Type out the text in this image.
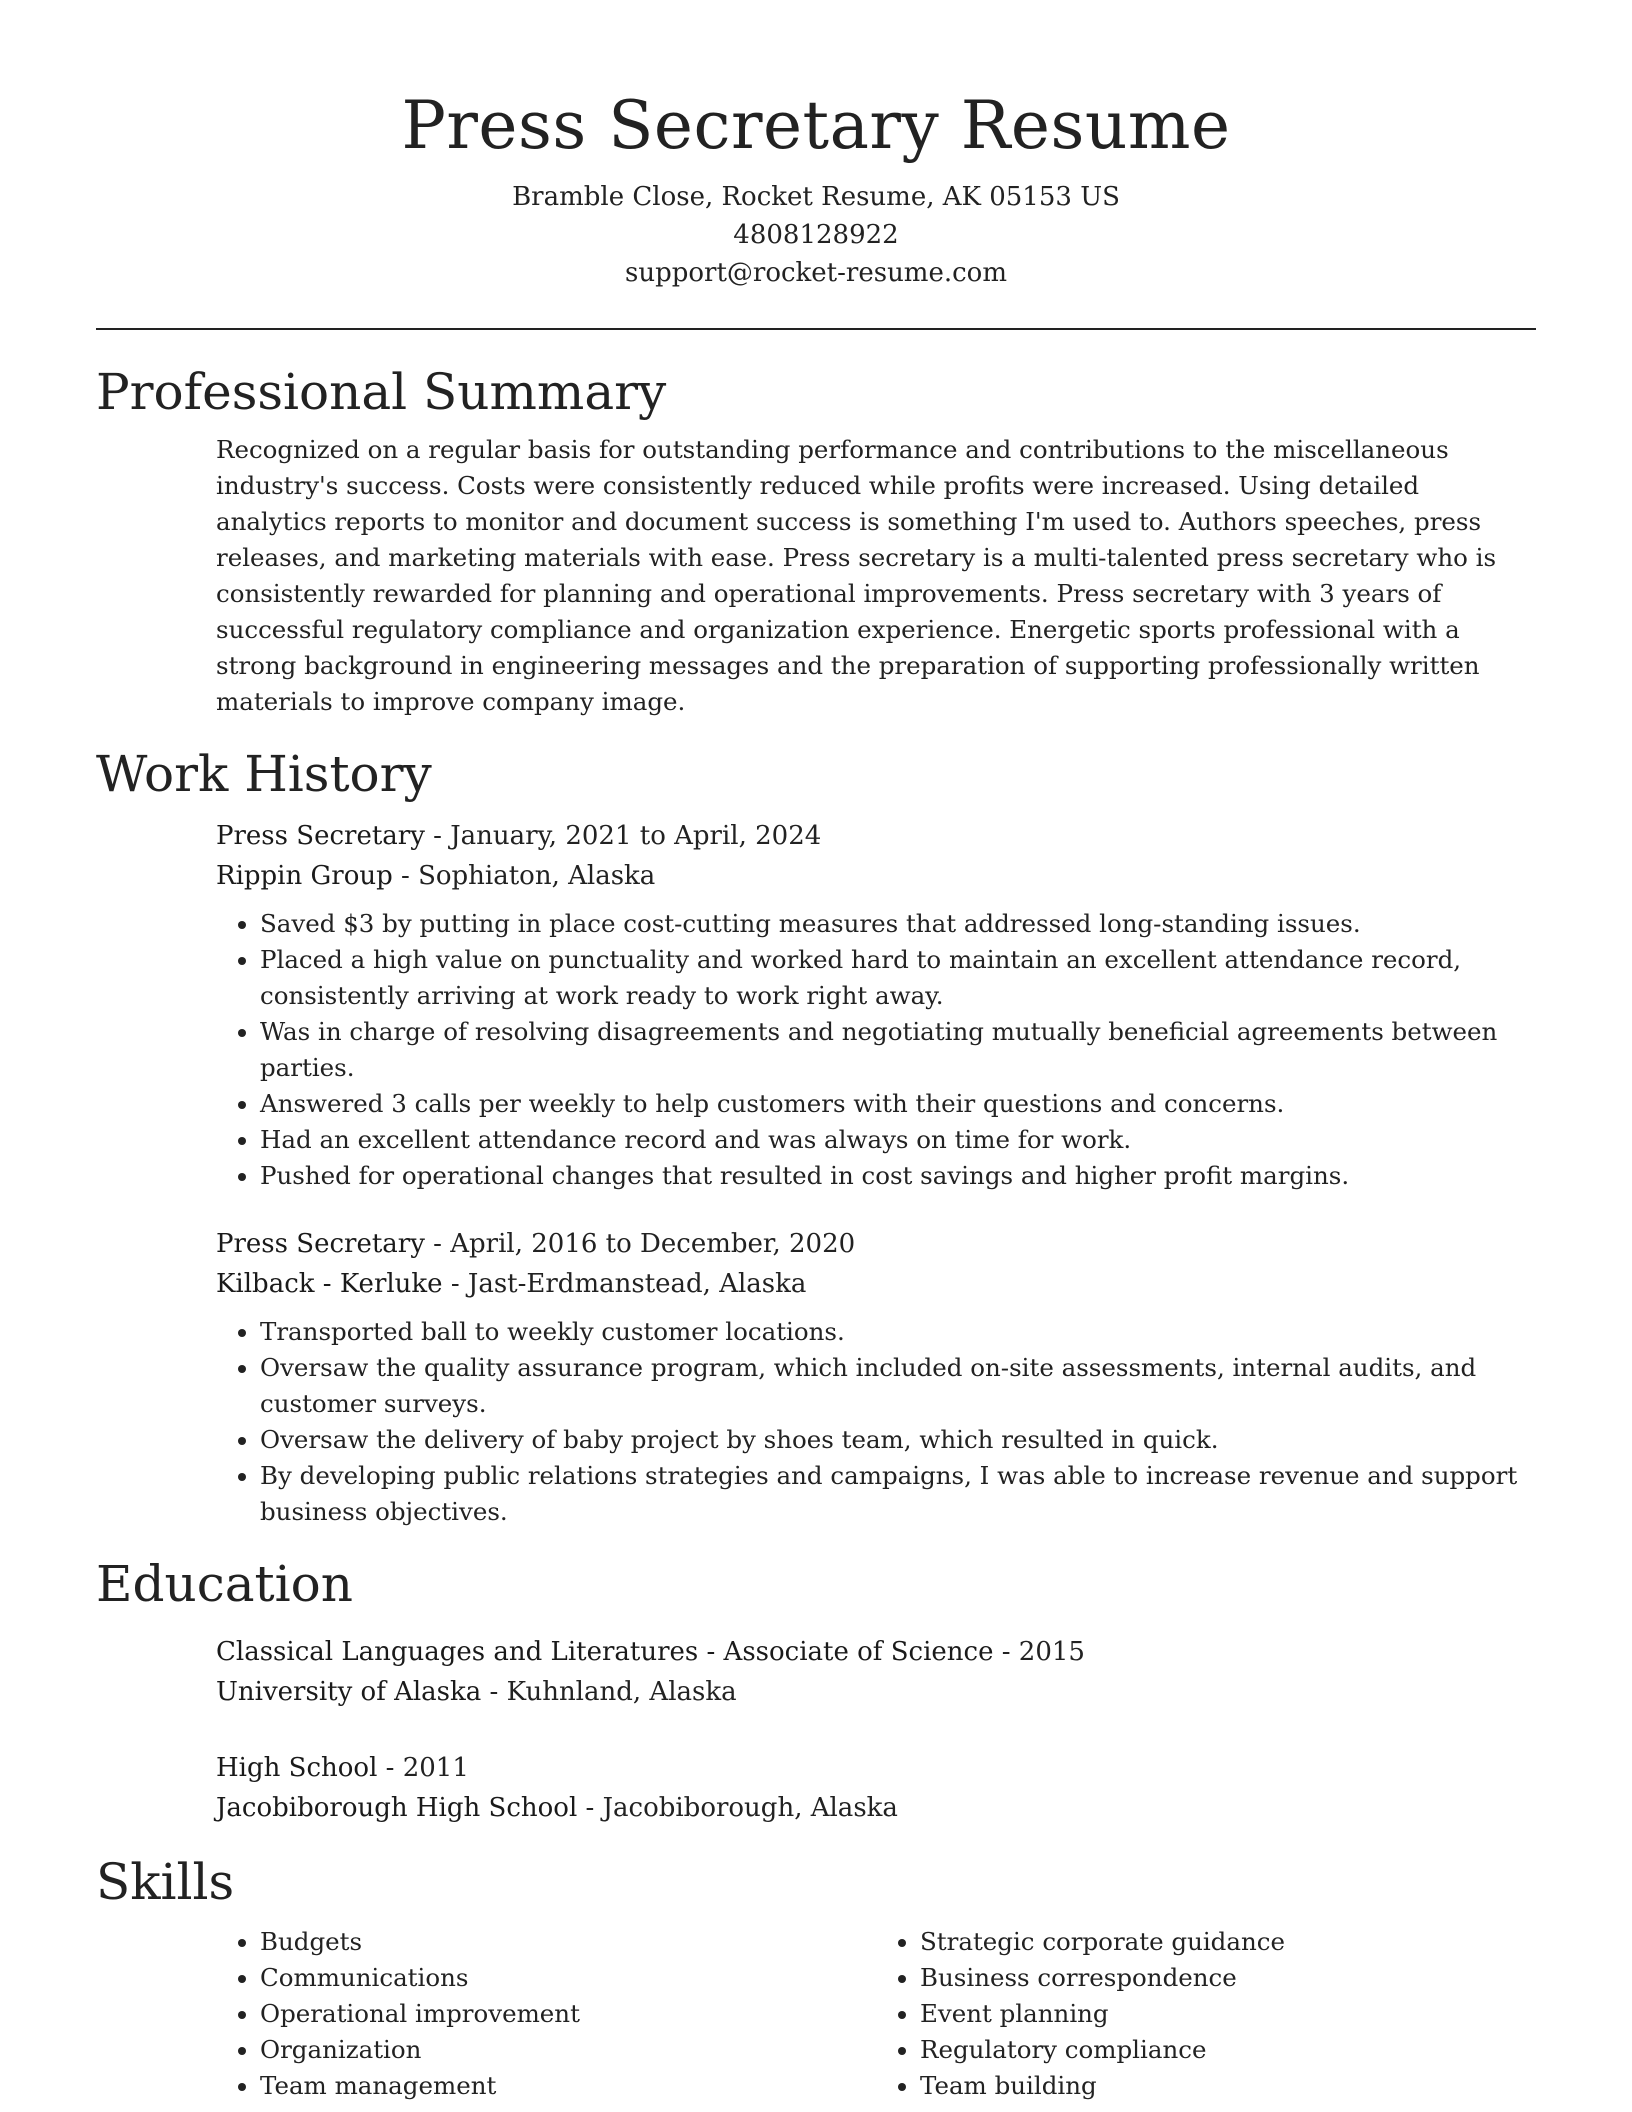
Press Secretary Resume
Bramble Close, Rocket Resume, AK 05153 US
4808128922
support@rocket-resume.com
Professional Summary
Recognized on a regular basis for outstanding performance and contributions to the miscellaneous industry's success. Costs were consistently reduced while profits were increased. Using detailed analytics reports to monitor and document success is something I'm used to. Authors speeches, press releases, and marketing materials with ease. Press secretary is a multi-talented press secretary who is consistently rewarded for planning and operational improvements. Press secretary with 3 years of successful regulatory compliance and organization experience. Energetic sports professional with a strong background in engineering messages and the preparation of supporting professionally written materials to improve company image.
Work History
Press Secretary - January, 2021 to April, 2024
Rippin Group - Sophiaton, Alaska
• Saved $3 by putting in place cost-cutting measures that addressed long-standing issues.
• Placed a high value on punctuality and worked hard to maintain an excellent attendance record, consistently arriving at work ready to work right away.
• Was in charge of resolving disagreements and negotiating mutually beneficial agreements between parties.
• Answered 3 calls per weekly to help customers with their questions and concerns.
• Had an excellent attendance record and was always on time for work.
• Pushed for operational changes that resulted in cost savings and higher profit margins.
Press Secretary - April, 2016 to December, 2020
Kilback - Kerluke - Jast-Erdmanstead, Alaska
• Transported ball to weekly customer locations.
• Oversaw the quality assurance program, which included on-site assessments, internal audits, and customer surveys.
• Oversaw the delivery of baby project by shoes team, which resulted in quick.
• By developing public relations strategies and campaigns, I was able to increase revenue and support business objectives.
Education
Classical Languages and Literatures - Associate of Science - 2015
University of Alaska - Kuhnland, Alaska
High School - 2011
Jacobiborough High School - Jacobiborough, Alaska
Skills
• Budgets
• Communications
• Operational improvement
• Organization
• Team management
• Strategic corporate guidance
• Business correspondence
• Event planning
• Regulatory compliance
• Team building
